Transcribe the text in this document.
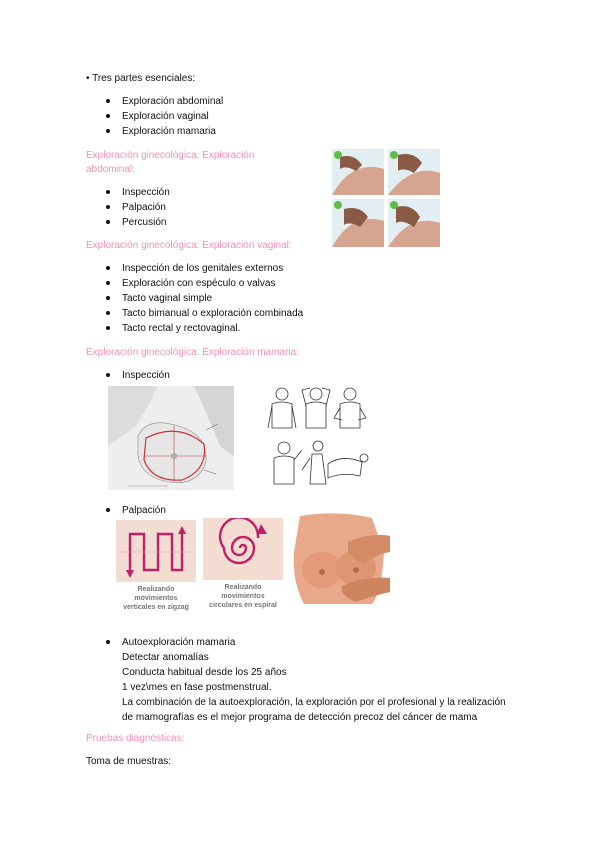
• Tres partes esenciales:
Exploración abdominal
Exploración vaginal
Exploración mamaria
Exploración ginecológica: Exploración
abdominal:
Inspección
Palpación
Percusión
Exploración ginecológica: Exploración vaginal:
Inspección de los genitales externos
Exploración con espéculo o valvas
Tacto vaginal simple
Tacto bimanual o exploración combinada
Tacto rectal y rectovaginal.
Exploración ginecológica: Exploración mamaria:
Inspección
Palpación
Realizando
movimientos
verticales en zigzag
Realizando
movimientos
circulares en espiral
Autoexploración mamaria
Detectar anomalías
Conducta habitual desde los 25 años
1 vez\mes en fase postmenstrual.
La combinación de la autoexploración, la exploración por el profesional y la realización
de mamografías es el mejor programa de detección precoz del cáncer de mama
Pruebas diagnósticas:
Toma de muestras:
